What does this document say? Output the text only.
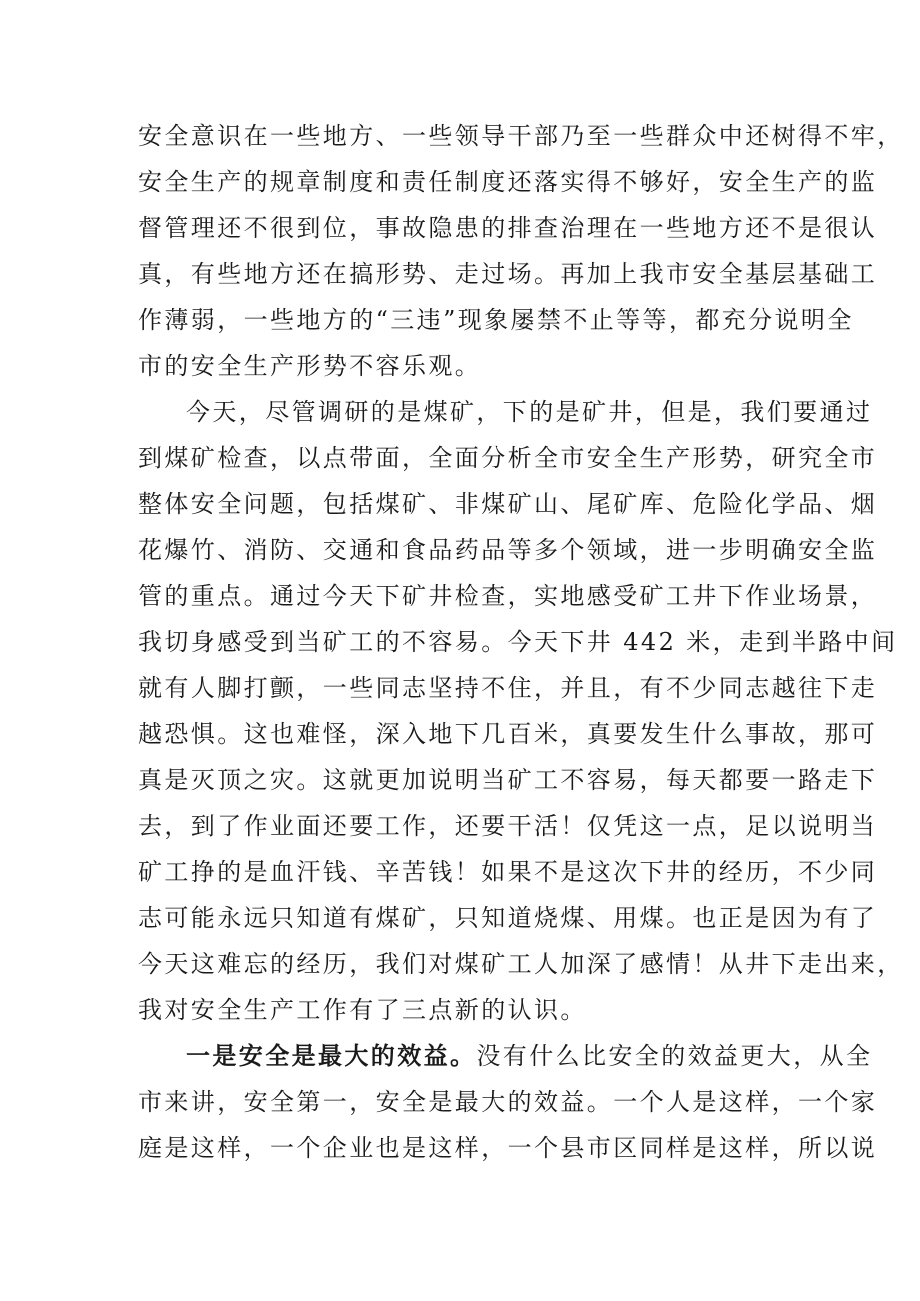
安全意识在一些地方、一些领导干部乃至一些群众中还树得不牢，
安全生产的规章制度和责任制度还落实得不够好，安全生产的监
督管理还不很到位，事故隐患的排查治理在一些地方还不是很认
真，有些地方还在搞形势、走过场。再加上我市安全基层基础工
作薄弱，一些地方的“三违”现象屡禁不止等等，都充分说明全
市的安全生产形势不容乐观。
今天，尽管调研的是煤矿，下的是矿井，但是，我们要通过
到煤矿检查，以点带面，全面分析全市安全生产形势，研究全市
整体安全问题，包括煤矿、非煤矿山、尾矿库、危险化学品、烟
花爆竹、消防、交通和食品药品等多个领域，进一步明确安全监
管的重点。通过今天下矿井检查，实地感受矿工井下作业场景，
我切身感受到当矿工的不容易。今天下井 442 米，走到半路中间
就有人脚打颤，一些同志坚持不住，并且，有不少同志越往下走
越恐惧。这也难怪，深入地下几百米，真要发生什么事故，那可
真是灭顶之灾。这就更加说明当矿工不容易，每天都要一路走下
去，到了作业面还要工作，还要干活！仅凭这一点，足以说明当
矿工挣的是血汗钱、辛苦钱！如果不是这次下井的经历，不少同
志可能永远只知道有煤矿，只知道烧煤、用煤。也正是因为有了
今天这难忘的经历，我们对煤矿工人加深了感情！从井下走出来，
我对安全生产工作有了三点新的认识。
一是安全是最大的效益。没有什么比安全的效益更大，从全
市来讲，安全第一，安全是最大的效益。一个人是这样，一个家
庭是这样，一个企业也是这样，一个县市区同样是这样，所以说
